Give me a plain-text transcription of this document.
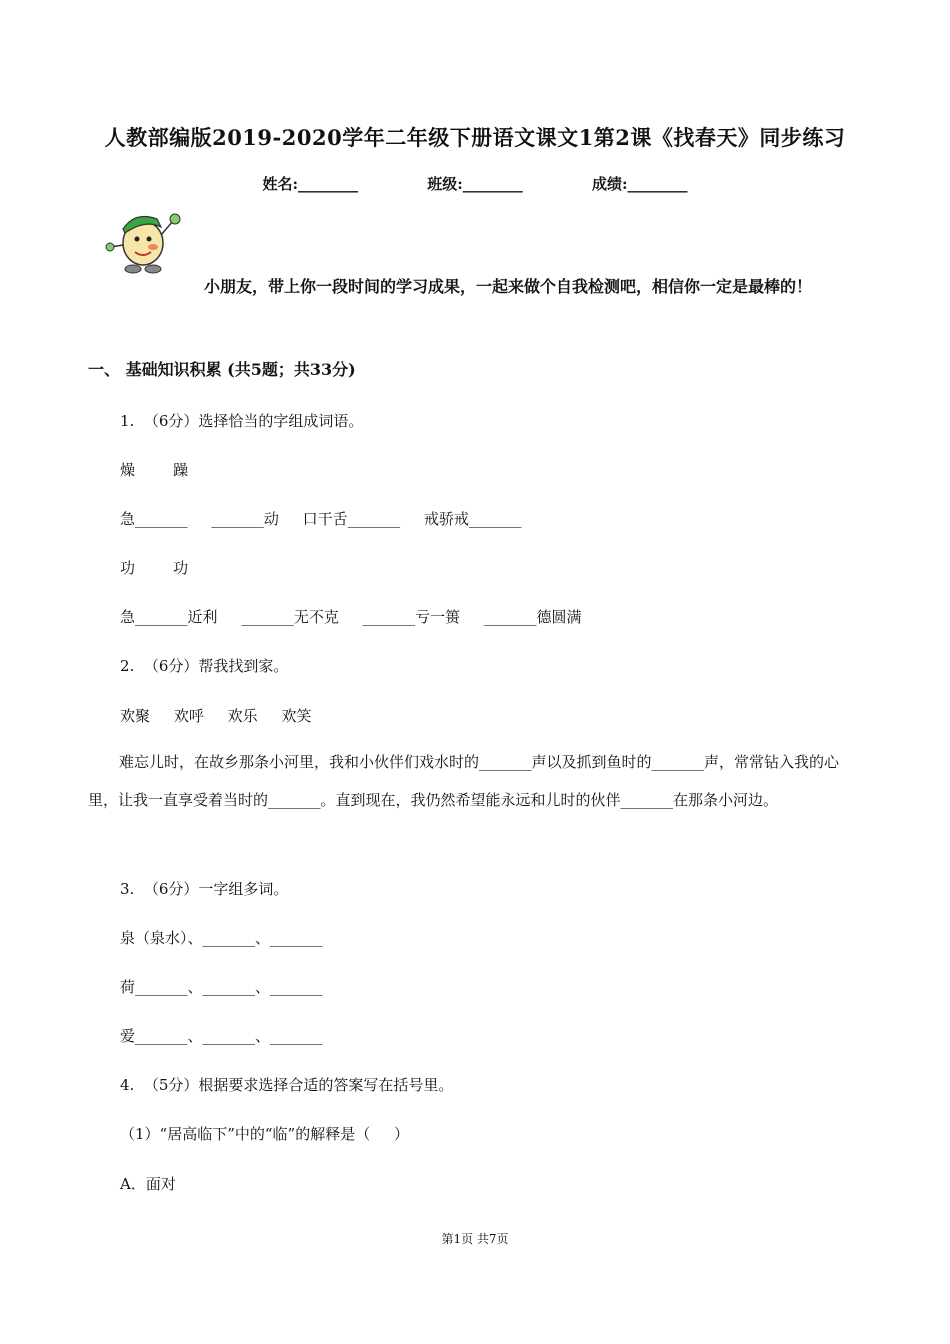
人教部编版2019-2020学年二年级下册语文课文1第2课《找春天》同步练习
姓名:________	班级:________	成绩:________
小朋友，带上你一段时间的学习成果，一起来做个自我检测吧，相信你一定是最棒的！
一、 基础知识积累 (共5题；共33分)
1.  （6分）选择恰当的字组成词语。
燥        躁
急_______     _______动     口干舌_______     戒骄戒_______
功        功
急_______近利     _______无不克     _______亏一篑     _______德圆满
2.  （6分）帮我找到家。
欢聚     欢呼     欢乐     欢笑
难忘儿时，在故乡那条小河里，我和小伙伴们戏水时的_______声以及抓到鱼时的_______声，常常钻入我的心里，让我一直享受着当时的_______。直到现在，我仍然希望能永远和儿时的伙伴_______在那条小河边。
3.  （6分）一字组多词。
泉（泉水）、_______、_______
荷_______、_______、_______
爱_______、_______、_______
4.  （5分）根据要求选择合适的答案写在括号里。
（1）“居高临下”中的“临”的解释是（     ）
A．面对
第1页 共7页
